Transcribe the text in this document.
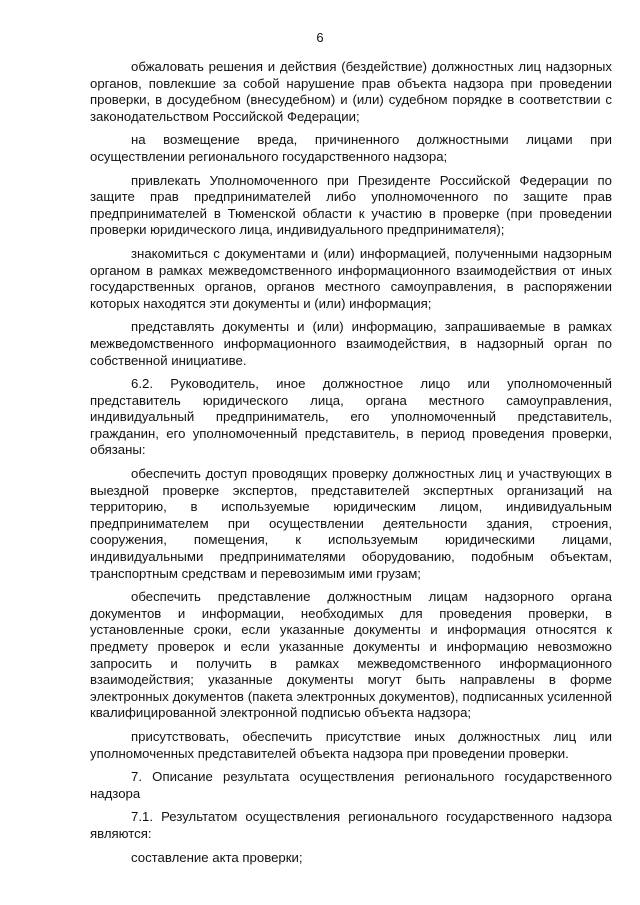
6

обжаловать решения и действия (бездействие) должностных лиц надзорных органов, повлекшие за собой нарушение прав объекта надзора при проведении проверки, в досудебном (внесудебном) и (или) судебном порядке в соответствии с законодательством Российской Федерации;

на возмещение вреда, причиненного должностными лицами при осуществлении регионального государственного надзора;

привлекать Уполномоченного при Президенте Российской Федерации по защите прав предпринимателей либо уполномоченного по защите прав предпринимателей в Тюменской области к участию в проверке (при проведении проверки юридического лица, индивидуального предпринимателя);

знакомиться с документами и (или) информацией, полученными надзорным органом в рамках межведомственного информационного взаимодействия от иных государственных органов, органов местного самоуправления, в распоряжении которых находятся эти документы и (или) информация;

представлять документы и (или) информацию, запрашиваемые в рамках межведомственного информационного взаимодействия, в надзорный орган по собственной инициативе.

6.2. Руководитель, иное должностное лицо или уполномоченный представитель юридического лица, органа местного самоуправления, индивидуальный предприниматель, его уполномоченный представитель, гражданин, его уполномоченный представитель, в период проведения проверки, обязаны:

обеспечить доступ проводящих проверку должностных лиц и участвующих в выездной проверке экспертов, представителей экспертных организаций на территорию, в используемые юридическим лицом, индивидуальным предпринимателем при осуществлении деятельности здания, строения, сооружения, помещения, к используемым юридическими лицами, индивидуальными предпринимателями оборудованию, подобным объектам, транспортным средствам и перевозимым ими грузам;

обеспечить представление должностным лицам надзорного органа документов и информации, необходимых для проведения проверки, в установленные сроки, если указанные документы и информация относятся к предмету проверок и если указанные документы и информацию невозможно запросить и получить в рамках межведомственного информационного взаимодействия; указанные документы могут быть направлены в форме электронных документов (пакета электронных документов), подписанных усиленной квалифицированной электронной подписью объекта надзора;

присутствовать, обеспечить присутствие иных должностных лиц или уполномоченных представителей объекта надзора при проведении проверки.

7. Описание результата осуществления регионального государственного надзора

7.1. Результатом осуществления регионального государственного надзора являются:

составление акта проверки;
